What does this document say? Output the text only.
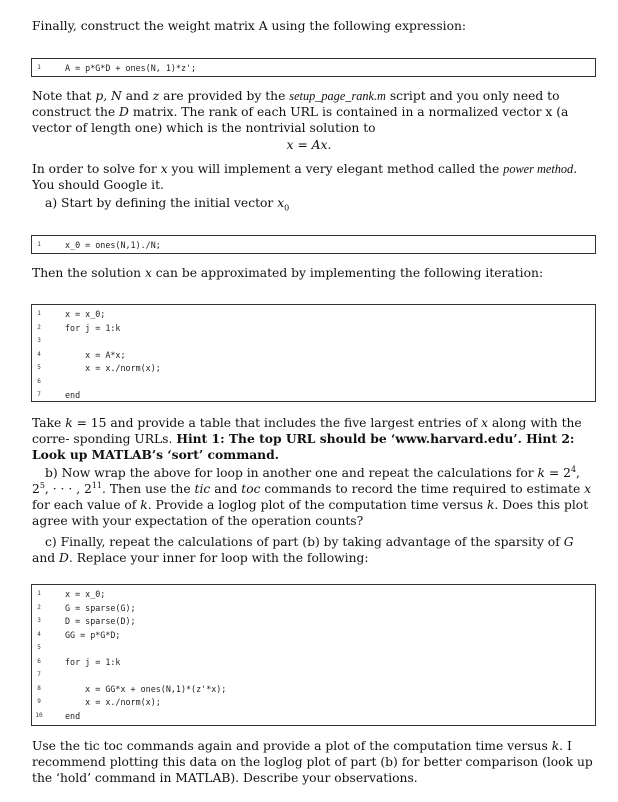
Finally, construct the weight matrix A using the following expression:

1	A = p*G*D + ones(N, 1)*z';

Note that p, N and z are provided by the setup_page_rank.m script and you only need to construct the D matrix. The rank of each URL is contained in a normalized vector x (a vector of length one) which is the nontrivial solution to

x = Ax.

In order to solve for x you will implement a very elegant method called the power method. You should Google it.

a) Start by defining the initial vector $x_0$
1	x_0 = ones(N,1)./N;

Then the solution x can be approximated by implementing the following iteration:

1	x = x_0;
2	for j = 1:k
3
4	x = A*x;
5	x = x./norm(x);
6
7	end

Take k = 15 and provide a table that includes the five largest entries of x along with the corre- sponding URLs. Hint 1: The top URL should be ‘www.harvard.edu’. Hint 2: Look up MATLAB’s ‘sort’ command.

b) Now wrap the above for loop in another one and repeat the calculations for $k = 2^4$, $2^5$, · · · , $2^{11}$. Then use the tic and toc commands to record the time required to estimate x for each value of k. Provide a loglog plot of the computation time versus k. Does this plot agree with your expectation of the operation counts?

c) Finally, repeat the calculations of part (b) by taking advantage of the sparsity of G and D. Replace your inner for loop with the following:

1	x = x_0;
2	G = sparse(G);
3	D = sparse(D);
4	GG = p*G*D;
5
6	for j = 1:k
7
8	x = GG*x + ones(N,1)*(z'*x);
9	x = x./norm(x);
10	end

Use the tic toc commands again and provide a plot of the computation time versus k. I recommend plotting this data on the loglog plot of part (b) for better comparison (look up the ‘hold’ command in MATLAB). Describe your observations.
